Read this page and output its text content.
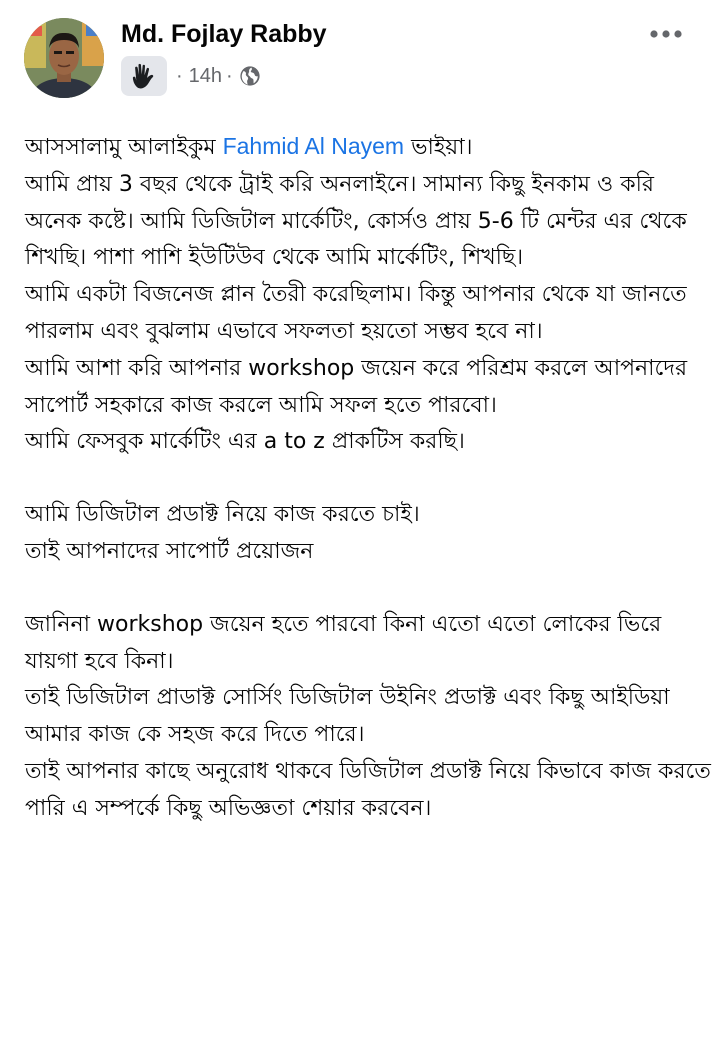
Md. Fojlay Rabby
· 14h ·

আসসালামু আলাইকুম Fahmid Al Nayem ভাইয়া।
আমি প্রায় 3 বছর থেকে ট্রাই করি অনলাইনে। সামান্য কিছু ইনকাম ও করি অনেক কষ্টে। আমি ডিজিটাল মার্কেটিং, কোর্সও প্রায় 5-6 টি মেন্টর এর থেকে শিখছি। পাশা পাশি ইউটিউব থেকে আমি মার্কেটিং, শিখছি।
আমি একটা বিজনেজ প্লান তৈরী করেছিলাম। কিন্তু আপনার থেকে যা জানতে পারলাম এবং বুঝলাম এভাবে সফলতা হয়তো সম্ভব হবে না।
আমি আশা করি আপনার workshop জয়েন করে পরিশ্রম করলে আপনাদের সাপোর্ট সহকারে কাজ করলে আমি সফল হতে পারবো।
আমি ফেসবুক মার্কেটিং এর a to z প্রাকটিস করছি।

আমি ডিজিটাল প্রডাক্ট নিয়ে কাজ করতে চাই।
তাই আপনাদের সাপোর্ট প্রয়োজন

জানিনা workshop জয়েন হতে পারবো কিনা এতো এতো লোকের ভিরে যায়গা হবে কিনা।
তাই ডিজিটাল প্রাডাক্ট সোর্সিং ডিজিটাল উইনিং প্রডাক্ট এবং কিছু আইডিয়া আমার কাজ কে সহজ করে দিতে পারে।
তাই আপনার কাছে অনুরোধ থাকবে ডিজিটাল প্রডাক্ট নিয়ে কিভাবে কাজ করতে পারি এ সম্পর্কে কিছু অভিজ্ঞতা শেয়ার করবেন।
